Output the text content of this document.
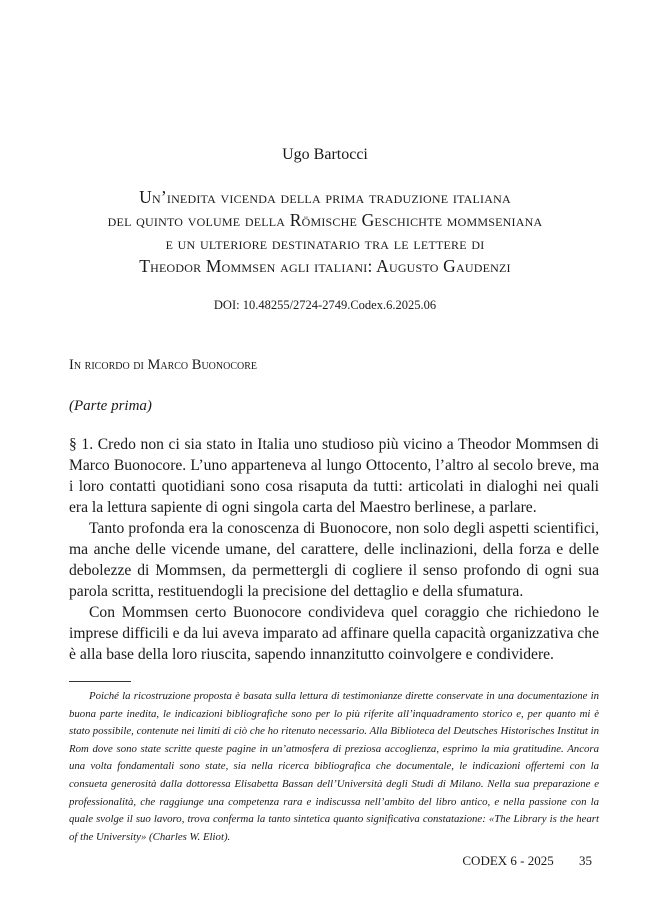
Ugo Bartocci
Un’inedita vicenda della prima traduzione italiana
del quinto volume della Römische Geschichte mommseniana
e un ulteriore destinatario tra le lettere di
Theodor Mommsen agli italiani: Augusto Gaudenzi
DOI: 10.48255/2724-2749.Codex.6.2025.06
In ricordo di Marco Buonocore
(Parte prima)

§ 1. Credo non ci sia stato in Italia uno studioso più vicino a Theodor Mommsen di Marco Buonocore. L’uno apparteneva al lungo Ottocento, l’altro al secolo breve, ma i loro contatti quotidiani sono cosa risaputa da tutti: articolati in dialoghi nei quali era la lettura sapiente di ogni singola carta del Maestro berlinese, a parlare.

Tanto profonda era la conoscenza di Buonocore, non solo degli aspetti scientifici, ma anche delle vicende umane, del carattere, delle inclinazioni, della forza e delle debolezze di Mommsen, da permettergli di cogliere il senso profondo di ogni sua parola scritta, restituendogli la precisione del dettaglio e della sfumatura.

Con Mommsen certo Buonocore condivideva quel coraggio che richiedono le imprese difficili e da lui aveva imparato ad affinare quella capacità organizzativa che è alla base della loro riuscita, sapendo innanzitutto coinvolgere e condividere.

Poiché la ricostruzione proposta è basata sulla lettura di testimonianze dirette conservate in una documentazione in buona parte inedita, le indicazioni bibliografiche sono per lo più riferite all’inquadramento storico e, per quanto mi è stato possibile, contenute nei limiti di ciò che ho ritenuto necessario. Alla Biblioteca del Deutsches Historisches Institut in Rom dove sono state scritte queste pagine in un’atmosfera di preziosa accoglienza, esprimo la mia gratitudine. Ancora una volta fondamentali sono state, sia nella ricerca bibliografica che documentale, le indicazioni offertemi con la consueta generosità dalla dottoressa Elisabetta Bassan dell’Università degli Studi di Milano. Nella sua preparazione e professionalità, che raggiunge una competenza rara e indiscussa nell’ambito del libro antico, e nella passione con la quale svolge il suo lavoro, trova conferma la tanto sintetica quanto significativa constatazione: «The Library is the heart of the University» (Charles W. Eliot).
CODEX 6 - 2025 35
